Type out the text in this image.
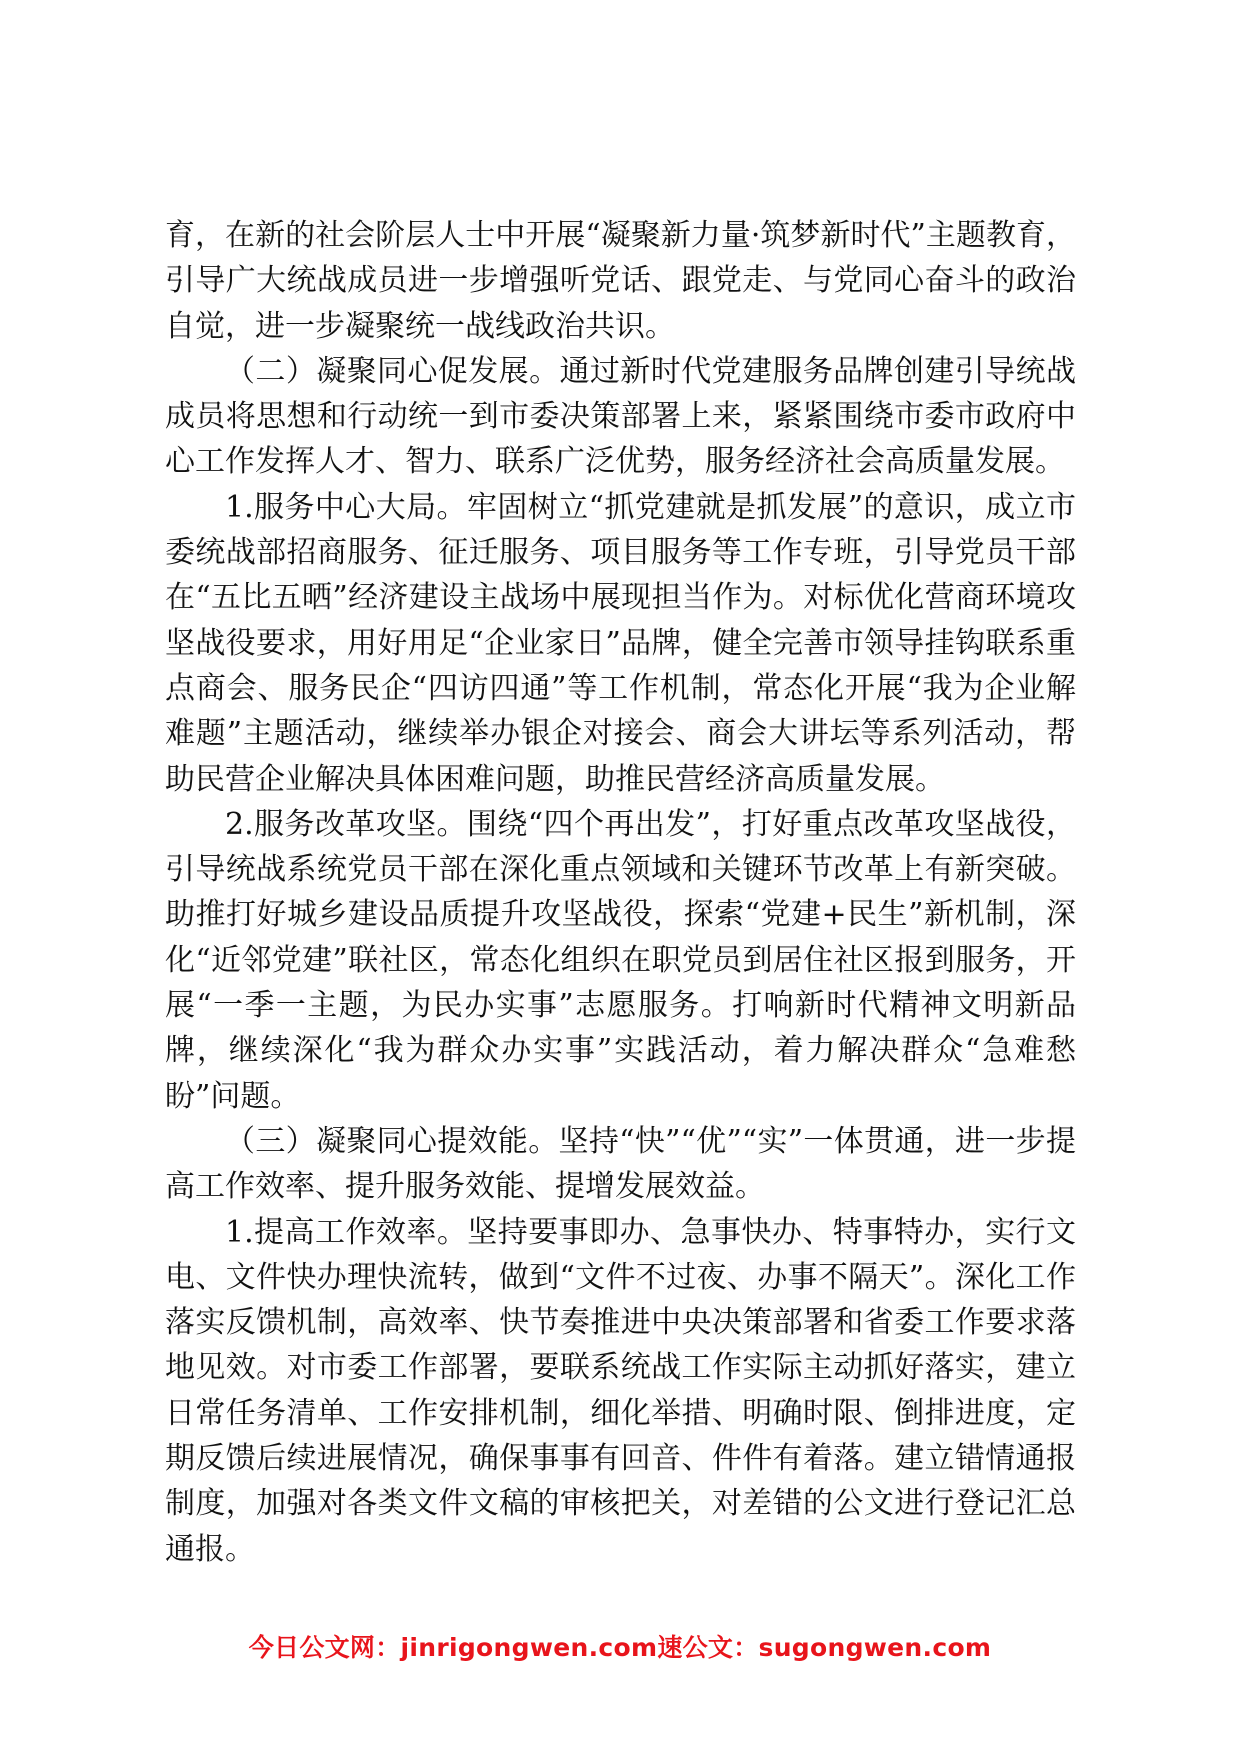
育，在新的社会阶层人士中开展“凝聚新力量·筑梦新时代”主题教育，引导广大统战成员进一步增强听党话、跟党走、与党同心奋斗的政治自觉，进一步凝聚统一战线政治共识。

（二）凝聚同心促发展。通过新时代党建服务品牌创建引导统战成员将思想和行动统一到市委决策部署上来，紧紧围绕市委市政府中心工作发挥人才、智力、联系广泛优势，服务经济社会高质量发展。

1.服务中心大局。牢固树立“抓党建就是抓发展”的意识，成立市委统战部招商服务、征迁服务、项目服务等工作专班，引导党员干部在“五比五晒”经济建设主战场中展现担当作为。对标优化营商环境攻坚战役要求，用好用足“企业家日”品牌，健全完善市领导挂钩联系重点商会、服务民企“四访四通”等工作机制，常态化开展“我为企业解难题”主题活动，继续举办银企对接会、商会大讲坛等系列活动，帮助民营企业解决具体困难问题，助推民营经济高质量发展。

2.服务改革攻坚。围绕“四个再出发”，打好重点改革攻坚战役，引导统战系统党员干部在深化重点领域和关键环节改革上有新突破。助推打好城乡建设品质提升攻坚战役，探索“党建+民生”新机制，深化“近邻党建”联社区，常态化组织在职党员到居住社区报到服务，开展“一季一主题，为民办实事”志愿服务。打响新时代精神文明新品牌，继续深化“我为群众办实事”实践活动，着力解决群众“急难愁盼”问题。

（三）凝聚同心提效能。坚持“快”“优”“实”一体贯通，进一步提高工作效率、提升服务效能、提增发展效益。

1.提高工作效率。坚持要事即办、急事快办、特事特办，实行文电、文件快办理快流转，做到“文件不过夜、办事不隔天”。深化工作落实反馈机制，高效率、快节奏推进中央决策部署和省委工作要求落地见效。对市委工作部署，要联系统战工作实际主动抓好落实，建立日常任务清单、工作安排机制，细化举措、明确时限、倒排进度，定期反馈后续进展情况，确保事事有回音、件件有着落。建立错情通报制度，加强对各类文件文稿的审核把关，对差错的公文进行登记汇总通报。

今日公文网：jinrigongwen.com速公文：sugongwen.com
